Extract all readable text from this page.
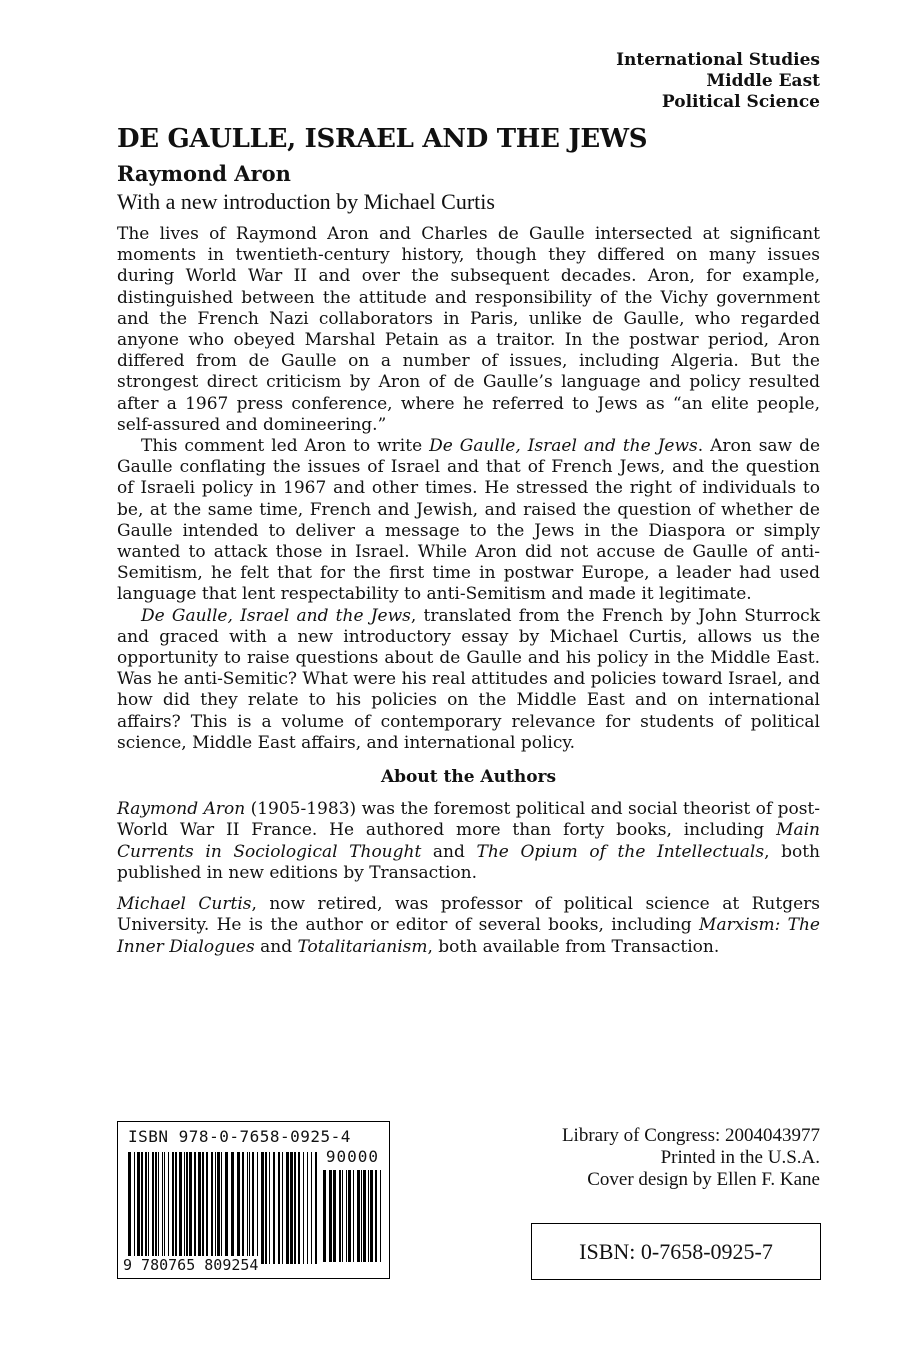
International Studies
Middle East
Political Science
DE GAULLE, ISRAEL AND THE JEWS
Raymond Aron
With a new introduction by Michael Curtis

The lives of Raymond Aron and Charles de Gaulle intersected at significant moments in twentieth-century history, though they differed on many issues during World War II and over the subsequent decades. Aron, for example, distinguished between the attitude and responsibility of the Vichy government and the French Nazi collaborators in Paris, unlike de Gaulle, who regarded anyone who obeyed Marshal Petain as a traitor. In the postwar period, Aron differed from de Gaulle on a number of issues, including Algeria. But the strongest direct criticism by Aron of de Gaulle’s language and policy resulted after a 1967 press conference, where he referred to Jews as “an elite people, self-assured and domineering.”

This comment led Aron to write De Gaulle, Israel and the Jews. Aron saw de Gaulle conflating the issues of Israel and that of French Jews, and the question of Israeli policy in 1967 and other times. He stressed the right of individuals to be, at the same time, French and Jewish, and raised the question of whether de Gaulle intended to deliver a message to the Jews in the Diaspora or simply wanted to attack those in Israel. While Aron did not accuse de Gaulle of anti-Semitism, he felt that for the first time in postwar Europe, a leader had used language that lent respectability to anti-Semitism and made it legitimate.

De Gaulle, Israel and the Jews, translated from the French by John Sturrock and graced with a new introductory essay by Michael Curtis, allows us the opportunity to raise questions about de Gaulle and his policy in the Middle East. Was he anti-Semitic? What were his real attitudes and policies toward Israel, and how did they relate to his policies on the Middle East and on international affairs? This is a volume of contemporary relevance for students of political science, Middle East affairs, and international policy.

About the Authors

Raymond Aron (1905-1983) was the foremost political and social theorist of post-World War II France. He authored more than forty books, including Main Currents in Sociological Thought and The Opium of the Intellectuals, both published in new editions by Transaction.

Michael Curtis, now retired, was professor of political science at Rutgers University. He is the author or editor of several books, including Marxism: The Inner Dialogues and Totalitarianism, both available from Transaction.

ISBN 978-0-7658-0925-4
90000
9 780765 809254
Library of Congress: 2004043977
Printed in the U.S.A.
Cover design by Ellen F. Kane
ISBN: 0-7658-0925-7
